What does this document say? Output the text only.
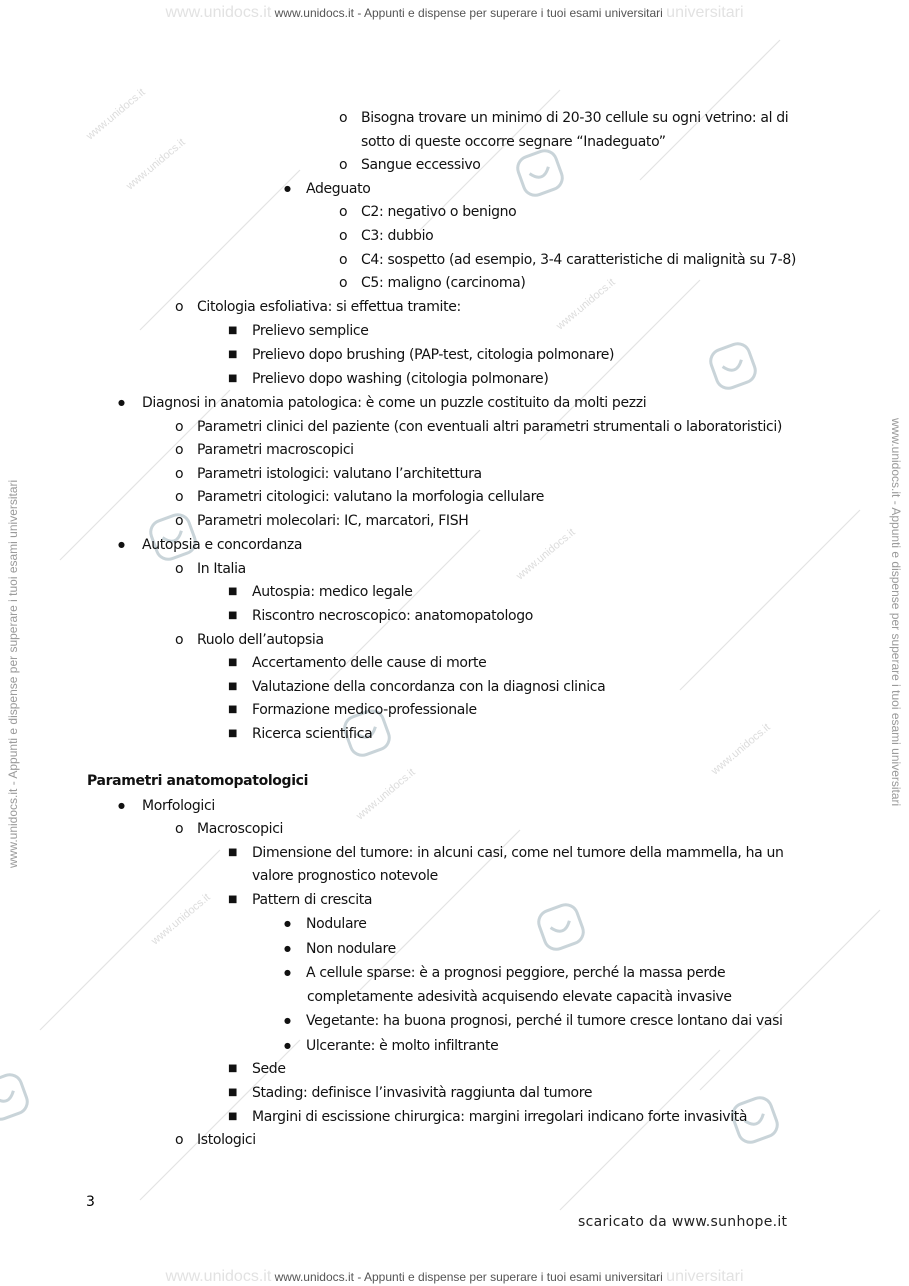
www.unidocs.it
www.unidocs.it
www.unidocs.it
www.unidocs.it
www.unidocs.it
www.unidocs.it
www.unidocs.it
www.unidocs.it www.unidocs.it - Appunti e dispense per superare i tuoi esami universitari universitari
www.unidocs.it - Appunti e dispense per superare i tuoi esami universitari	www.unidocs.it - Appunti e dispense per superare i tuoi esami universitari
o Bisogna trovare un minimo di 20-30 cellule su ogni vetrino: al di
sotto di queste occorre segnare “Inadeguato”
o Sangue eccessivo
● Adeguato
o C2: negativo o benigno
o C3: dubbio
o C4: sospetto (ad esempio, 3-4 caratteristiche di malignità su 7-8)
o C5: maligno (carcinoma)
o Citologia esfoliativa: si effettua tramite:
■ Prelievo semplice
■ Prelievo dopo brushing (PAP-test, citologia polmonare)
■ Prelievo dopo washing (citologia polmonare)
● Diagnosi in anatomia patologica: è come un puzzle costituito da molti pezzi
o Parametri clinici del paziente (con eventuali altri parametri strumentali o laboratoristici)
o Parametri macroscopici
o Parametri istologici: valutano l’architettura
o Parametri citologici: valutano la morfologia cellulare
o Parametri molecolari: IC, marcatori, FISH
● Autopsia e concordanza
o In Italia
■ Autospia: medico legale
■ Riscontro necroscopico: anatomopatologo
o Ruolo dell’autopsia
■ Accertamento delle cause di morte
■ Valutazione della concordanza con la diagnosi clinica
■ Formazione medico-professionale
■ Ricerca scientifica
Parametri anatomopatologici
● Morfologici
o Macroscopici
■ Dimensione del tumore: in alcuni casi, come nel tumore della mammella, ha un
valore prognostico notevole
■ Pattern di crescita
● Nodulare
● Non nodulare
● A cellule sparse: è a prognosi peggiore, perché la massa perde
completamente adesività acquisendo elevate capacità invasive
● Vegetante: ha buona prognosi, perché il tumore cresce lontano dai vasi
● Ulcerante: è molto infiltrante
■ Sede
■ Stading: definisce l’invasività raggiunta dal tumore
■ Margini di escissione chirurgica: margini irregolari indicano forte invasività
o Istologici
3
scaricato da www.sunhope.it
www.unidocs.it www.unidocs.it - Appunti e dispense per superare i tuoi esami universitari universitari
